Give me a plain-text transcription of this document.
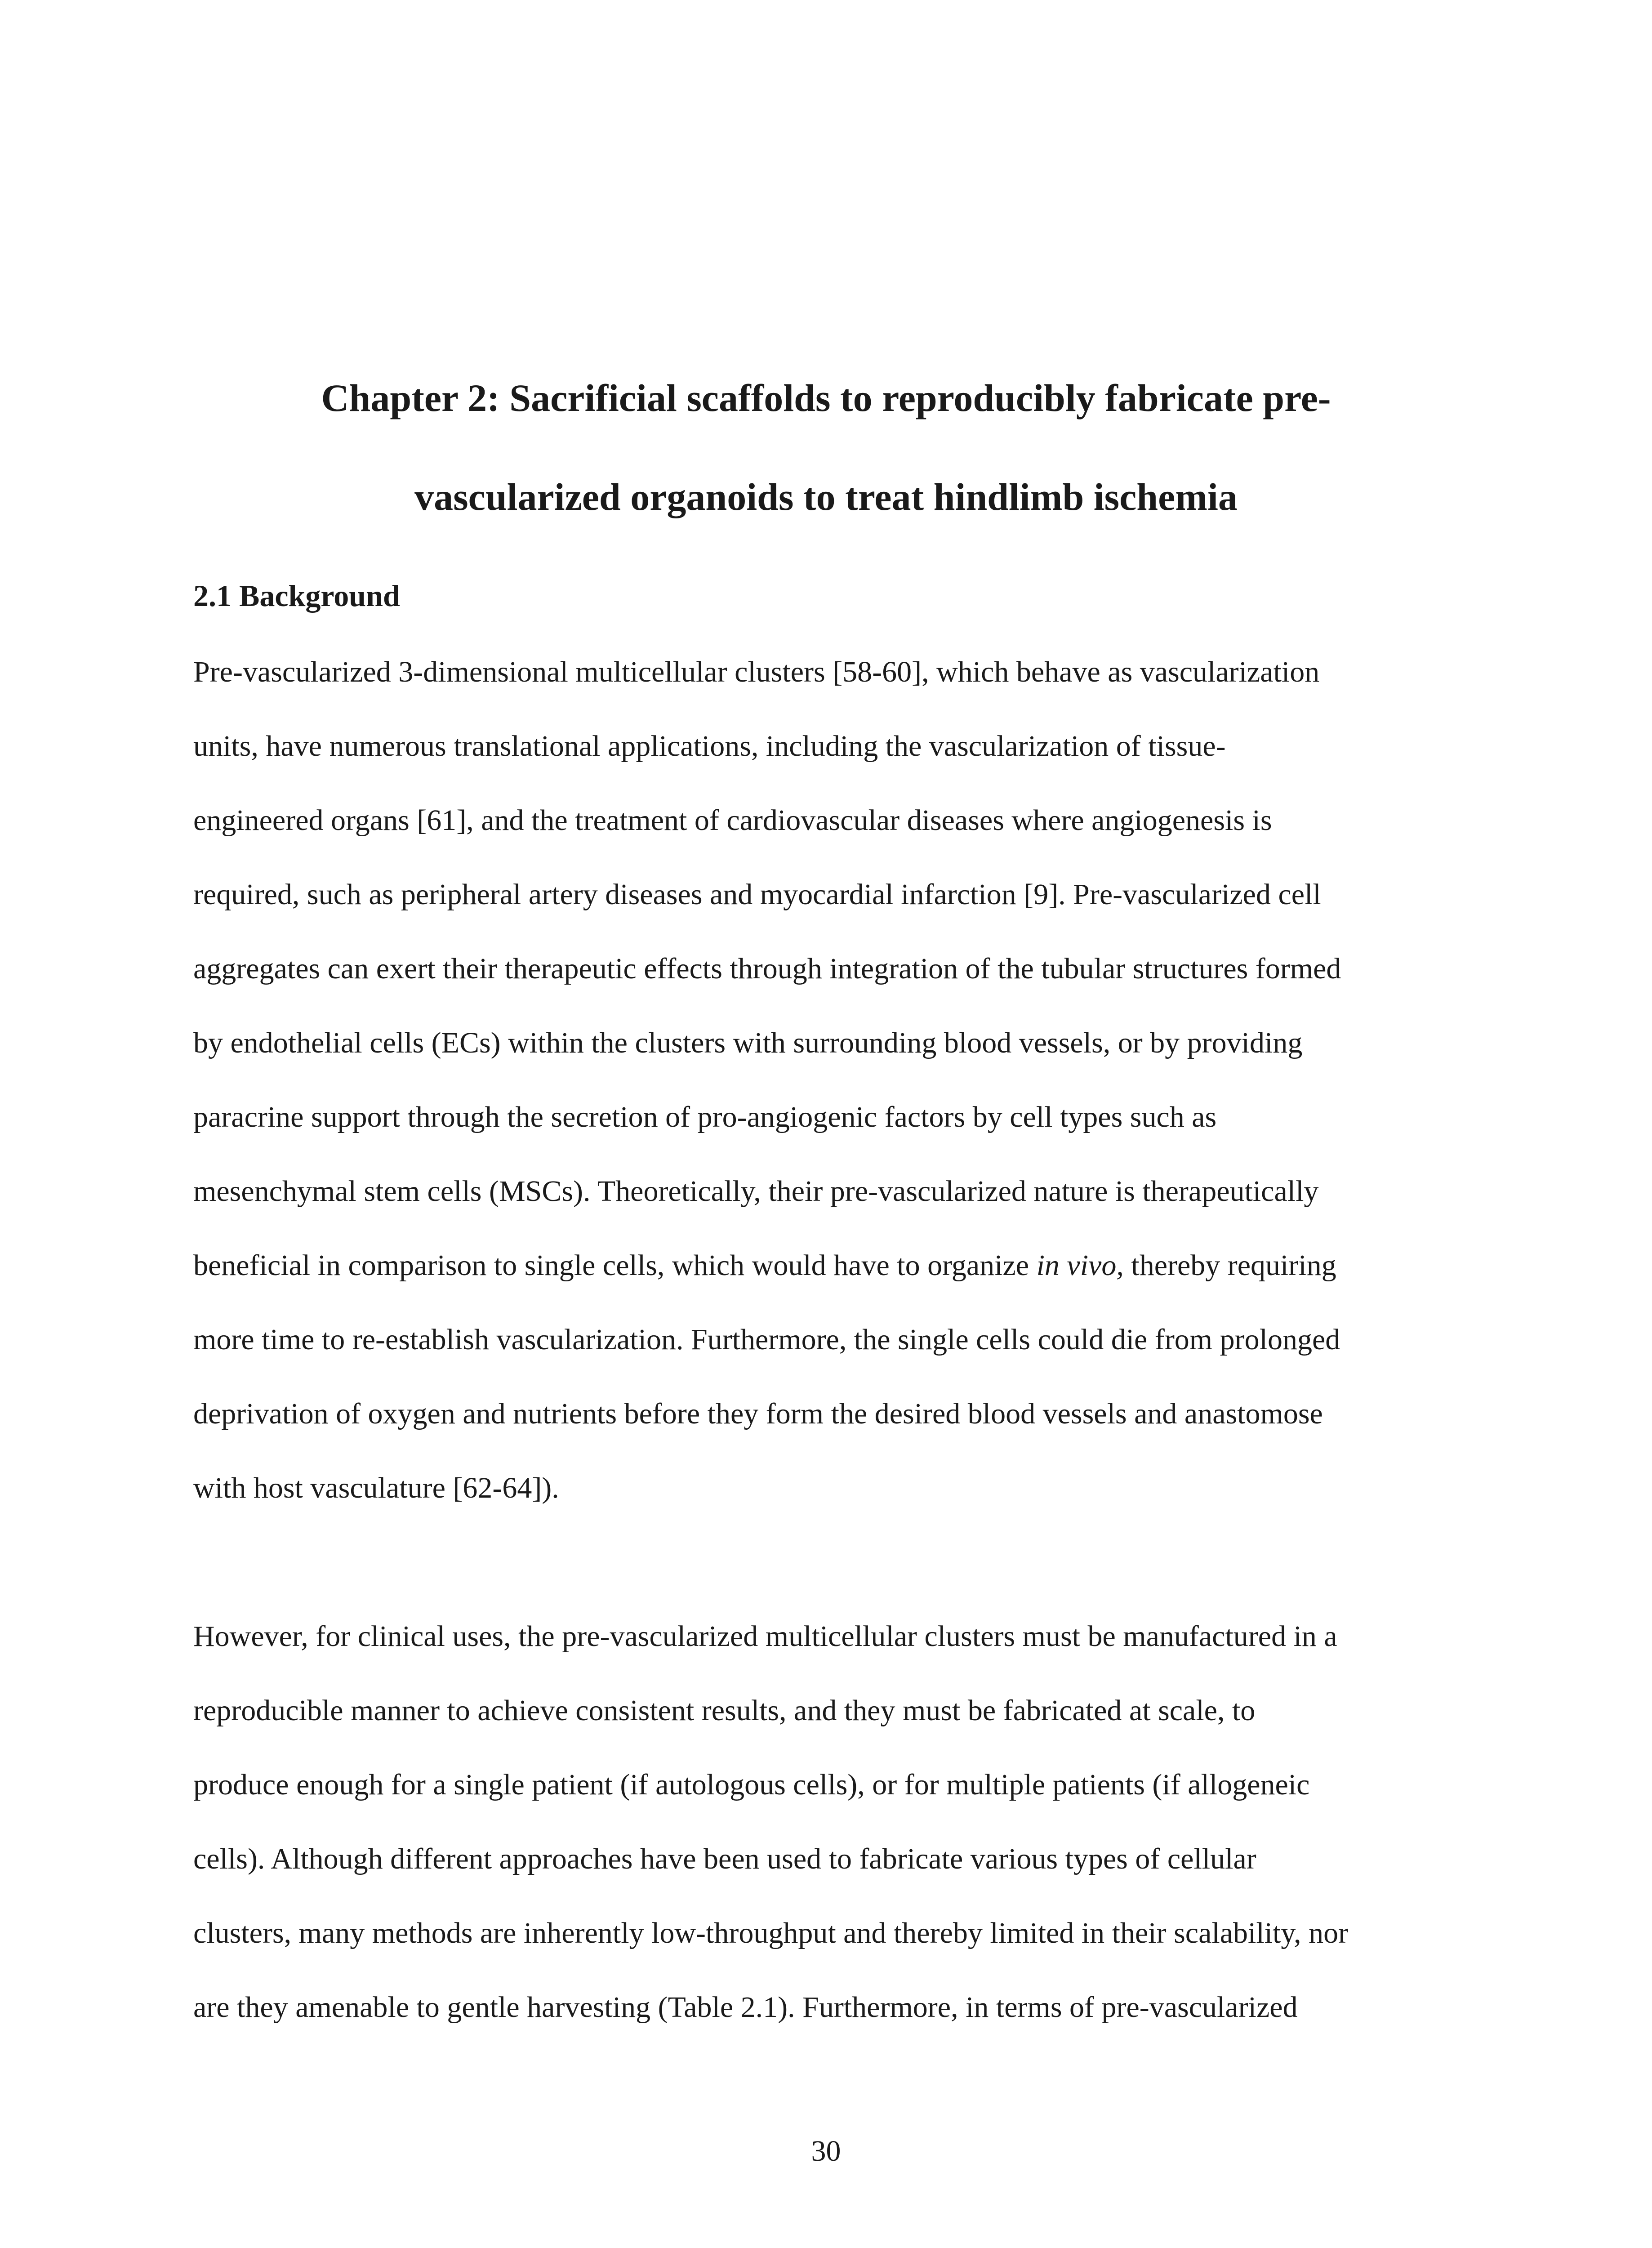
Chapter 2: Sacrificial scaffolds to reproducibly fabricate pre-
vascularized organoids to treat hindlimb ischemia
2.1 Background

Pre-vascularized 3-dimensional multicellular clusters [58-60], which behave as vascularization

units, have numerous translational applications, including the vascularization of tissue-

engineered organs [61], and the treatment of cardiovascular diseases where angiogenesis is

required, such as peripheral artery diseases and myocardial infarction [9]. Pre-vascularized cell

aggregates can exert their therapeutic effects through integration of the tubular structures formed

by endothelial cells (ECs) within the clusters with surrounding blood vessels, or by providing

paracrine support through the secretion of pro-angiogenic factors by cell types such as

mesenchymal stem cells (MSCs). Theoretically, their pre-vascularized nature is therapeutically

beneficial in comparison to single cells, which would have to organize in vivo, thereby requiring

more time to re-establish vascularization. Furthermore, the single cells could die from prolonged

deprivation of oxygen and nutrients before they form the desired blood vessels and anastomose

with host vasculature [62-64]).

However, for clinical uses, the pre-vascularized multicellular clusters must be manufactured in a

reproducible manner to achieve consistent results, and they must be fabricated at scale, to

produce enough for a single patient (if autologous cells), or for multiple patients (if allogeneic

cells). Although different approaches have been used to fabricate various types of cellular

clusters, many methods are inherently low-throughput and thereby limited in their scalability, nor

are they amenable to gentle harvesting (Table 2.1). Furthermore, in terms of pre-vascularized

30
